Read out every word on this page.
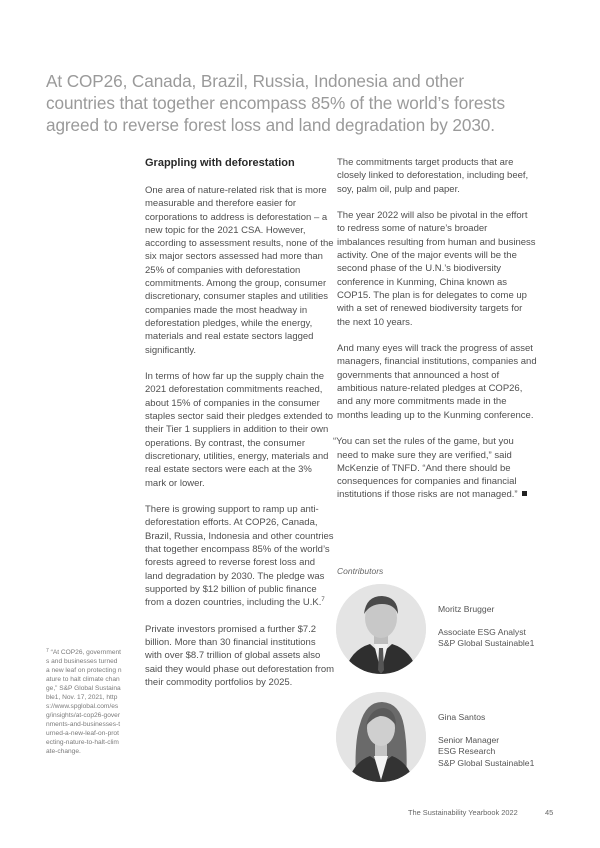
At COP26, Canada, Brazil, Russia, Indonesia and other countries that together encompass 85% of the world’s forests agreed to reverse forest loss and land degradation by 2030.
Grappling with deforestation

One area of nature-related risk that is more measurable and therefore easier for corporations to address is deforestation – a new topic for the 2021 CSA. However, according to assessment results, none of the six major sectors assessed had more than 25% of companies with deforestation commitments. Among the group, consumer discretionary, consumer staples and utilities companies made the most headway in deforestation pledges, while the energy, materials and real estate sectors lagged significantly.

In terms of how far up the supply chain the 2021 deforestation commitments reached, about 15% of companies in the consumer staples sector said their pledges extended to their Tier 1 suppliers in addition to their own operations. By contrast, the consumer discretionary, utilities, energy, materials and real estate sectors were each at the 3% mark or lower.

There is growing support to ramp up anti-deforestation efforts. At COP26, Canada, Brazil, Russia, Indonesia and other countries that together encompass 85% of the world’s forests agreed to reverse forest loss and land degradation by 2030. The pledge was supported by $12 billion of public finance from a dozen countries, including the U.K.$^7$

Private investors promised a further $7.2 billion. More than 30 financial institutions with over $8.7 trillion of global assets also said they would phase out deforestation from their commodity portfolios by 2025.

The commitments target products that are closely linked to deforestation, including beef, soy, palm oil, pulp and paper.

The year 2022 will also be pivotal in the effort to redress some of nature’s broader imbalances resulting from human and business activity. One of the major events will be the second phase of the U.N.’s biodiversity conference in Kunming, China known as COP15. The plan is for delegates to come up with a set of renewed biodiversity targets for the next 10 years.

And many eyes will track the progress of asset managers, financial institutions, companies and governments that announced a host of ambitious nature-related pledges at COP26, and any more commitments made in the months leading up to the Kunming conference.

“You can set the rules of the game, but you need to make sure they are verified,” said McKenzie of TNFD. “And there should be consequences for companies and financial institutions if those risks are not managed.”

$^7$ “At COP26, governments and businesses turned a new leaf on protecting nature to halt climate change,” S&P Global Sustainable1, Nov. 17, 2021, https://www.spglobal.com/esg/insights/at-cop26-governments-and-businesses-turned-a-new-leaf-on-protecting-nature-to-halt-climate-change.
Contributors
Moritz Brugger
Associate ESG Analyst
S&P Global Sustainable1
Gina Santos
Senior Manager
ESG Research
S&P Global Sustainable1
The Sustainability Yearbook 2022	45
